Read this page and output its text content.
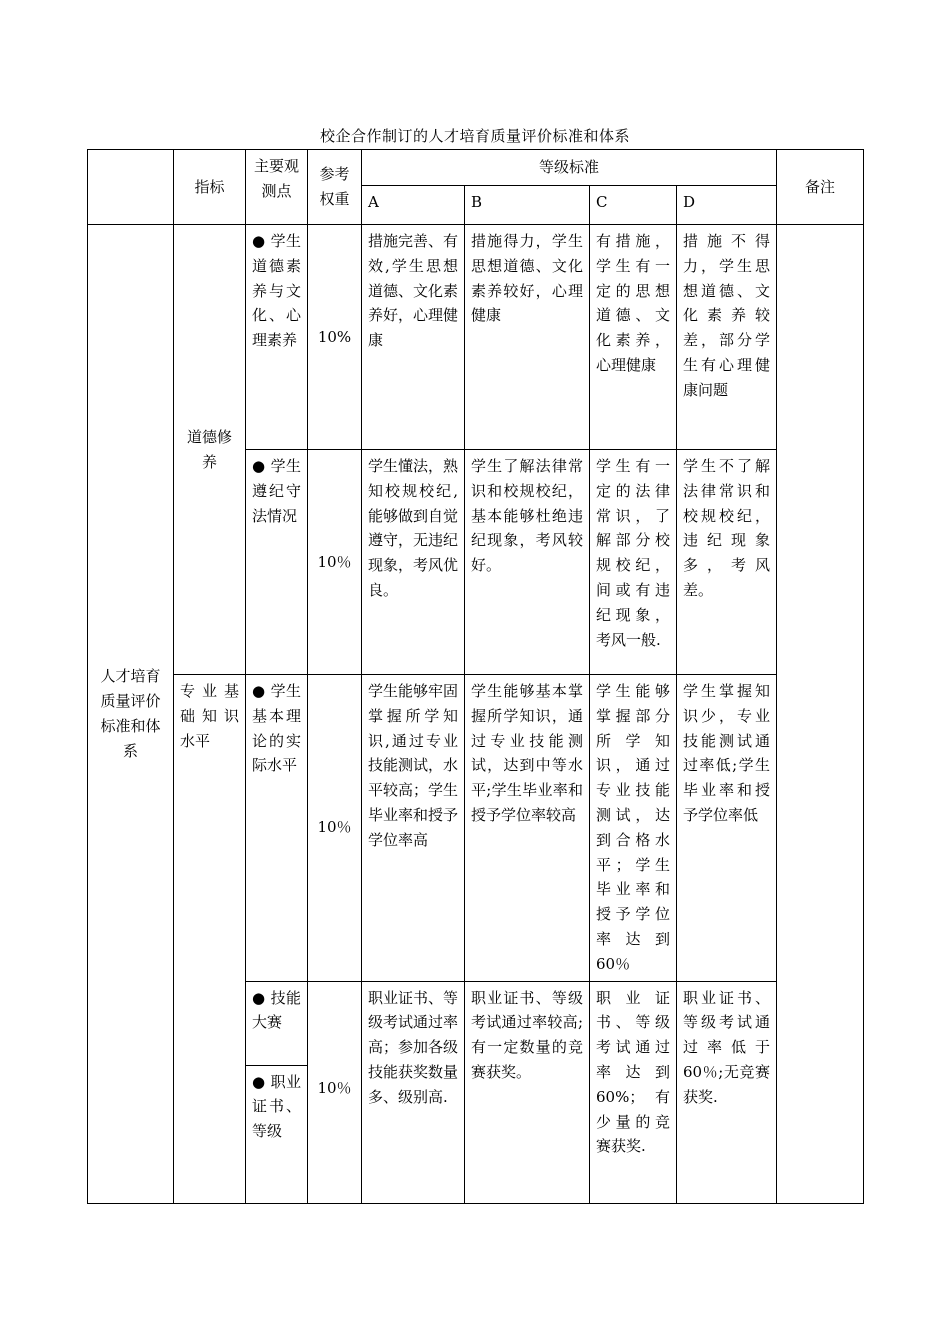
校企合作制订的人才培育质量评价标准和体系
	指标	主要观测点	参考权重	等级标准				备注
				A	B	C	D	
人才培育质量评价标准和体系	道德修养	● 学生道德素养与文化、心理素养	10%	措施完善、有效,学生思想道德、文化素养好，心理健康	措施得力，学生思想道德、文化素养较好，心理健康	有措施，学生有一定的思想道德、文化素养，心理健康	措施不得力，学生思想道德、文化素养较差，部分学生有心理健康问题	
		● 学生遵纪守法情况	10％	学生懂法，熟知校规校纪,能够做到自觉遵守，无违纪现象，考风优良。	学生了解法律常识和校规校纪，基本能够杜绝违纪现象，考风较好。	学生有一定的法律常识，了解部分校规校纪，间或有违纪现象，考风一般.	学生不了解法律常识和校规校纪，违纪现象多，考风差。	
	专业基础知识水平	● 学生基本理论的实际水平	10％	学生能够牢固掌握所学知识,通过专业技能测试，水平较高；学生毕业率和授予学位率高	学生能够基本掌握所学知识，通过专业技能测试，达到中等水平;学生毕业率和授予学位率较高	学生能够掌握部分所学知识，通过专业技能测试，达到合格水平；学生毕业率和授予学位率达到60％	学生掌握知识少，专业技能测试通过率低;学生毕业率和授予学位率低	
		● 技能大赛	10％	职业证书、等级考试通过率高；参加各级技能获奖数量多、级别高.	职业证书、等级考试通过率较高;有一定数量的竞赛获奖。	职业证书、等级考试通过率达到60%；有少量的竞赛获奖.	职业证书、等级考试通过率低于60％;无竞赛获奖.	
		● 职业证书、等级						
